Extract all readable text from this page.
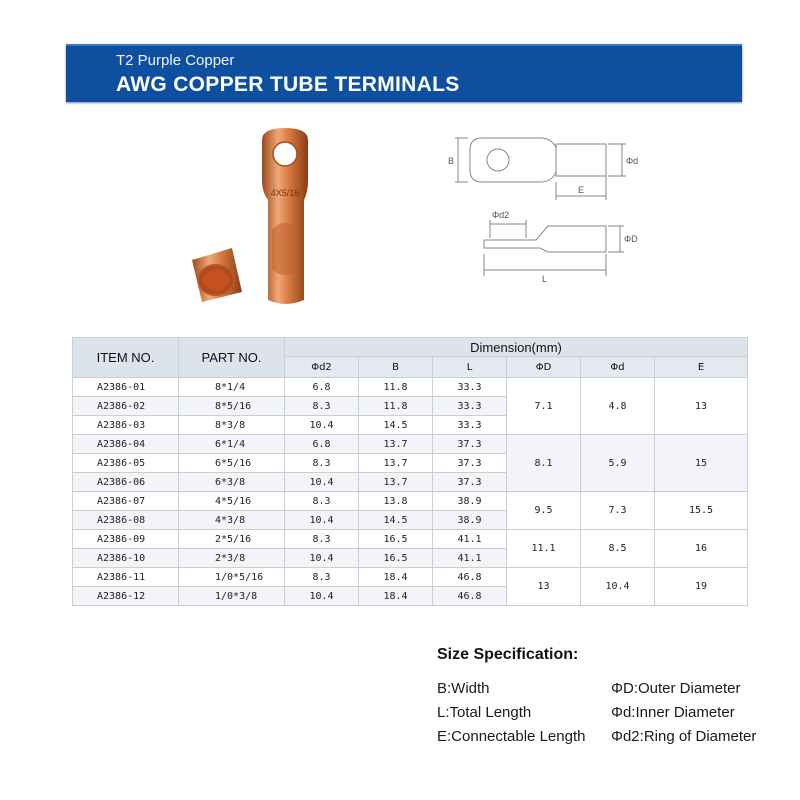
T2 Purple Copper
AWG COPPER TUBE TERMINALS
4X5/16
B	Φd
E
Φd2
ΦD
L
ITEM NO.	PART NO.	Dimension(mm)					
		Φd2	B	L	ΦD	Φd	E
A2386-01	8*1/4	6.8	11.8	33.3	7.1	4.8	13
A2386-02	8*5/16	8.3	11.8	33.3			
A2386-03	8*3/8	10.4	14.5	33.3			
A2386-04	6*1/4	6.8	13.7	37.3	8.1	5.9	15
A2386-05	6*5/16	8.3	13.7	37.3			
A2386-06	6*3/8	10.4	13.7	37.3			
A2386-07	4*5/16	8.3	13.8	38.9	9.5	7.3	15.5
A2386-08	4*3/8	10.4	14.5	38.9			
A2386-09	2*5/16	8.3	16.5	41.1	11.1	8.5	16
A2386-10	2*3/8	10.4	16.5	41.1			
A2386-11	1/0*5/16	8.3	18.4	46.8	13	10.4	19
A2386-12	1/0*3/8	10.4	18.4	46.8			
Size Specification:
B:Width	ΦD:Outer Diameter
L:Total Length	Φd:Inner Diameter
E:Connectable Length Φd2:Ring of Diameter
